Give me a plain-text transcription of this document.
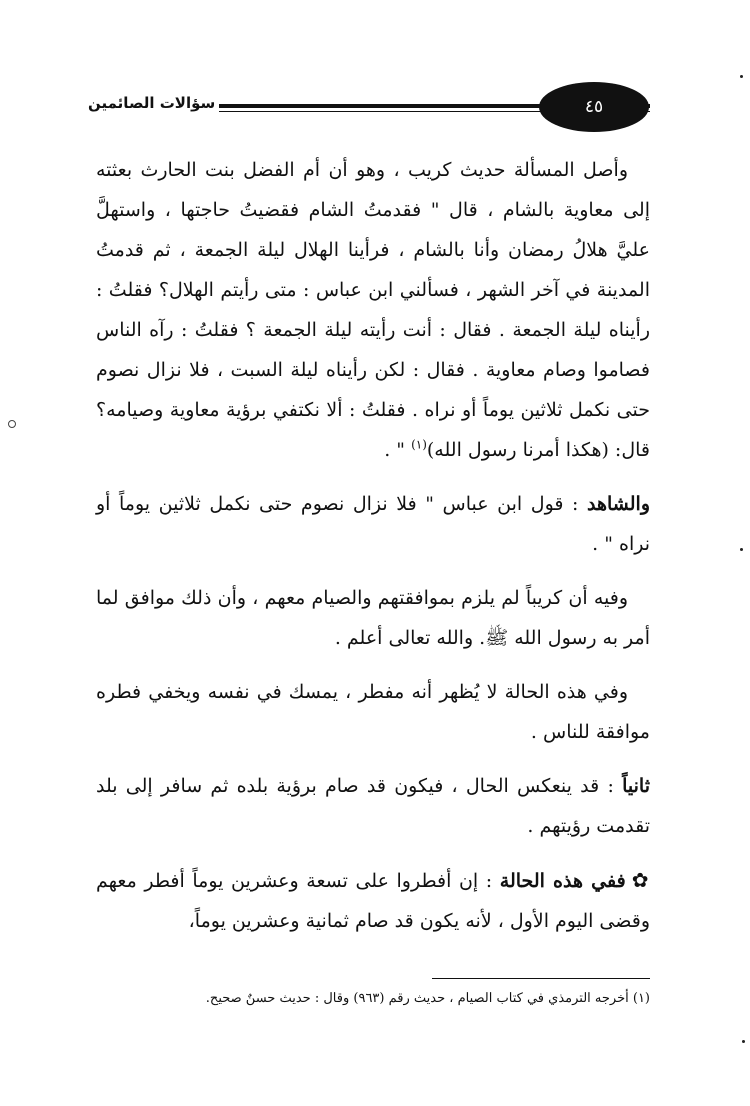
سؤالات الصائمين	٤٥

وأصل المسألة حديث كريب ، وهو أن أم الفضل بنت الحارث بعثته إلى معاوية بالشام ، قال " فقدمتُ الشام فقضيتُ حاجتها ، واستهلَّ عليَّ هلالُ رمضان وأنا بالشام ، فرأينا الهلال ليلة الجمعة ، ثم قدمتُ المدينة في آخر الشهر ، فسألني ابن عباس : متى رأيتم الهلال؟ فقلتُ : رأيناه ليلة الجمعة . فقال : أنت رأيته ليلة الجمعة ؟ فقلتُ : رآه الناس فصاموا وصام معاوية . فقال : لكن رأيناه ليلة السبت ، فلا نزال نصوم حتى نكمل ثلاثين يوماً أو نراه . فقلتُ : ألا نكتفي برؤية معاوية وصيامه؟ قال: (هكذا أمرنا رسول الله)$^{(١)}$ " .

والشاهد : قول ابن عباس " فلا نزال نصوم حتى نكمل ثلاثين يوماً أو نراه " .

وفيه أن كريباً لم يلزم بموافقتهم والصيام معهم ، وأن ذلك موافق لما أمر به رسول الله ﷺ. والله تعالى أعلم .

وفي هذه الحالة لا يُظهر أنه مفطر ، يمسك في نفسه ويخفي فطره موافقة للناس .

ثانياً : قد ينعكس الحال ، فيكون قد صام برؤية بلده ثم سافر إلى بلد تقدمت رؤيتهم .

✿ففي هذه الحالة : إن أفطروا على تسعة وعشرين يوماً أفطر معهم وقضى اليوم الأول ، لأنه يكون قد صام ثمانية وعشرين يوماً،

(١) أخرجه الترمذي في كتاب الصيام ، حديث رقم (٩٦٣) وقال : حديث حسنٌ صحيح.
